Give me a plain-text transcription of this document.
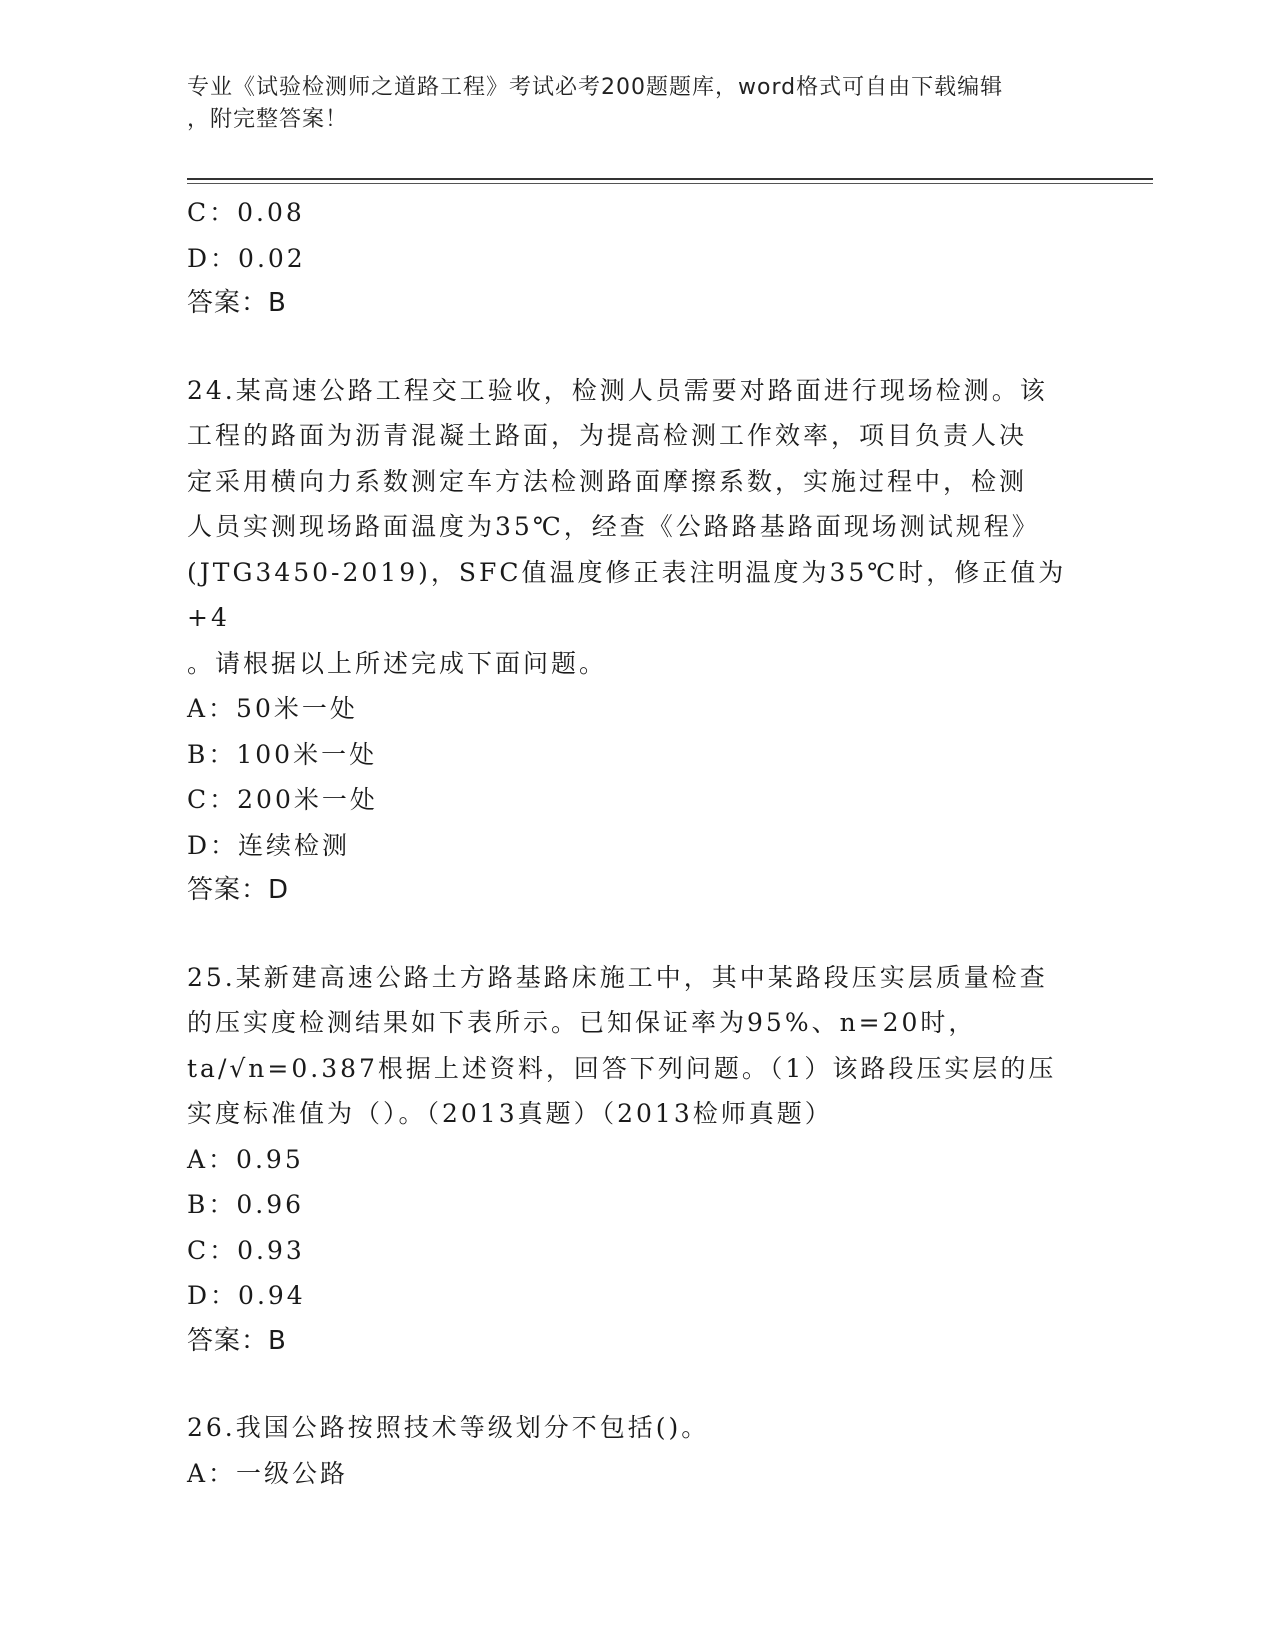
专业《试验检测师之道路工程》考试必考200题题库，word格式可自由下载编辑
，附完整答案！
C：0.08
D：0.02
答案：B
24.某高速公路工程交工验收，检测人员需要对路面进行现场检测。该
工程的路面为沥青混凝土路面，为提高检测工作效率，项目负责人决
定采用横向力系数测定车方法检测路面摩擦系数，实施过程中，检测
人员实测现场路面温度为35℃，经查《公路路基路面现场测试规程》
(JTG3450-2019)，SFC值温度修正表注明温度为35℃时，修正值为+4
。请根据以上所述完成下面问题。
A：50米一处
B：100米一处
C：200米一处
D：连续检测
答案：D
25.某新建高速公路土方路基路床施工中，其中某路段压实层质量检查
的压实度检测结果如下表所示。已知保证率为95%、n=20时，
ta/√n=0.387根据上述资料，回答下列问题。（1）该路段压实层的压
实度标准值为（）。（2013真题）（2013检师真题）
A：0.95
B：0.96
C：0.93
D：0.94
答案：B
26.我国公路按照技术等级划分不包括()。
A：一级公路
